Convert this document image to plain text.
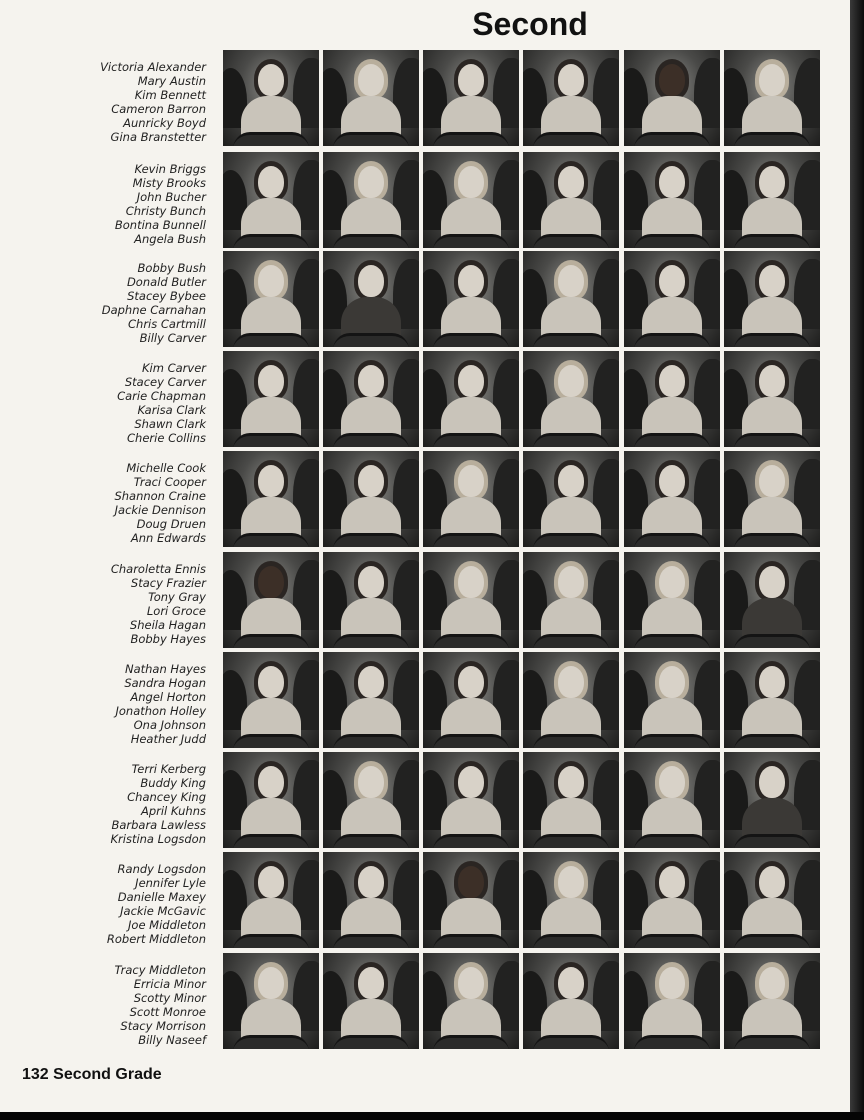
Second
Victoria Alexander
Mary Austin
Kim Bennett
Cameron Barron
Aunricky Boyd
Gina Branstetter
Kevin Briggs
Misty Brooks
John Bucher
Christy Bunch
Bontina Bunnell
Angela Bush
Bobby Bush
Donald Butler
Stacey Bybee
Daphne Carnahan
Chris Cartmill
Billy Carver
Kim Carver
Stacey Carver
Carie Chapman
Karisa Clark
Shawn Clark
Cherie Collins
Michelle Cook
Traci Cooper
Shannon Craine
Jackie Dennison
Doug Druen
Ann Edwards
Charoletta Ennis
Stacy Frazier
Tony Gray
Lori Groce
Sheila Hagan
Bobby Hayes
Nathan Hayes
Sandra Hogan
Angel Horton
Jonathon Holley
Ona Johnson
Heather Judd
Terri Kerberg
Buddy King
Chancey King
April Kuhns
Barbara Lawless
Kristina Logsdon
Randy Logsdon
Jennifer Lyle
Danielle Maxey
Jackie McGavic
Joe Middleton
Robert Middleton
Tracy Middleton
Erricia Minor
Scotty Minor
Scott Monroe
Stacy Morrison
Billy Naseef
132 Second Grade
